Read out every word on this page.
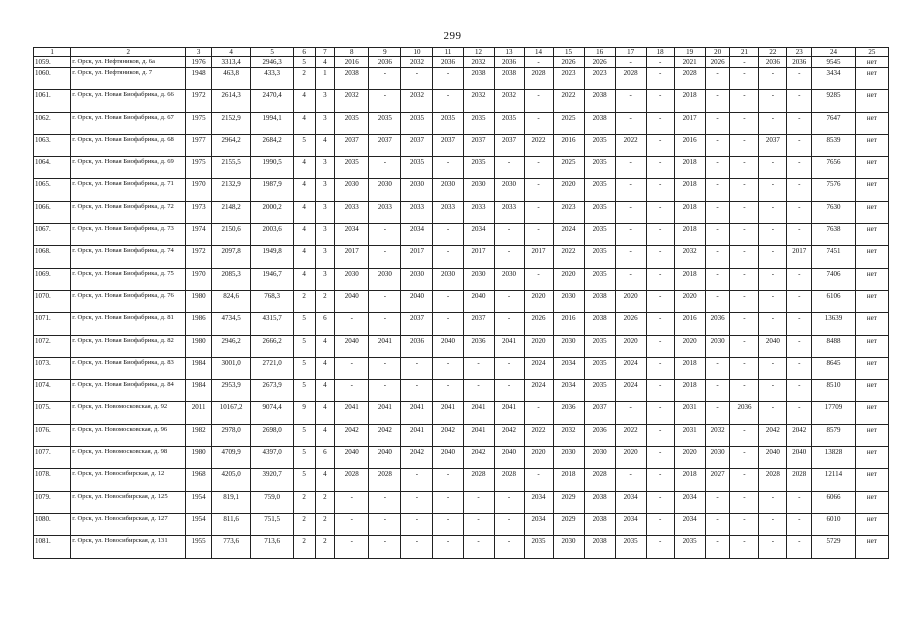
299
1	2	3	4	5	6	7	8	9	10	11	12	13	14	15	16	17	18	19	20	21	22	23	24	25
1059.	г. Орск, ул. Нефтяников, д. 6а	1976	3313,4	2946,3	5	4	2016	2036	2032	2036	2032	2036	-	2026	2026	-	-	2021	2026	-	2036	2036	9545	нет
1060.	г. Орск, ул. Нефтяников, д. 7	1948	463,8	433,3	2	1	2038	-	-	-	2038	2038	2028	2023	2023	2028	-	2028	-	-	-	-	3434	нет
1061.	г. Орск, ул. Новая Биофабрика, д. 66	1972	2614,3	2470,4	4	3	2032	-	2032	-	2032	2032	-	2022	2038	-	-	2018	-	-	-	-	9285	нет
1062.	г. Орск, ул. Новая Биофабрика, д. 67	1975	2152,9	1994,1	4	3	2035	2035	2035	2035	2035	2035	-	2025	2038	-	-	2017	-	-	-	-	7647	нет
1063.	г. Орск, ул. Новая Биофабрика, д. 68	1977	2964,2	2684,2	5	4	2037	2037	2037	2037	2037	2037	2022	2016	2035	2022	-	2016	-	-	2037	-	8539	нет
1064.	г. Орск, ул. Новая Биофабрика, д. 69	1975	2155,5	1990,5	4	3	2035	-	2035	-	2035	-	-	2025	2035	-	-	2018	-	-	-	-	7656	нет
1065.	г. Орск, ул. Новая Биофабрика, д. 71	1970	2132,9	1987,9	4	3	2030	2030	2030	2030	2030	2030	-	2020	2035	-	-	2018	-	-	-	-	7576	нет
1066.	г. Орск, ул. Новая Биофабрика, д. 72	1973	2148,2	2000,2	4	3	2033	2033	2033	2033	2033	2033	-	2023	2035	-	-	2018	-	-	-	-	7630	нет
1067.	г. Орск, ул. Новая Биофабрика, д. 73	1974	2150,6	2003,6	4	3	2034	-	2034	-	2034	-	-	2024	2035	-	-	2018	-	-	-	-	7638	нет
1068.	г. Орск, ул. Новая Биофабрика, д. 74	1972	2097,8	1949,8	4	3	2017	-	2017	-	2017	-	2017	2022	2035	-	-	2032	-	-	-	2017	7451	нет
1069.	г. Орск, ул. Новая Биофабрика, д. 75	1970	2085,3	1946,7	4	3	2030	2030	2030	2030	2030	2030	-	2020	2035	-	-	2018	-	-	-	-	7406	нет
1070.	г. Орск, ул. Новая Биофабрика, д. 76	1980	824,6	768,3	2	2	2040	-	2040	-	2040	-	2020	2030	2038	2020	-	2020	-	-	-	-	6106	нет
1071.	г. Орск, ул. Новая Биофабрика, д. 81	1986	4734,5	4315,7	5	6	-	-	2037	-	2037	-	2026	2016	2038	2026	-	2016	2036	-	-	-	13639	нет
1072.	г. Орск, ул. Новая Биофабрика, д. 82	1980	2946,2	2666,2	5	4	2040	2041	2036	2040	2036	2041	2020	2030	2035	2020	-	2020	2030	-	2040	-	8488	нет
1073.	г. Орск, ул. Новая Биофабрика, д. 83	1984	3001,0	2721,0	5	4	-	-	-	-	-	-	2024	2034	2035	2024	-	2018	-	-	-	-	8645	нет
1074.	г. Орск, ул. Новая Биофабрика, д. 84	1984	2953,9	2673,9	5	4	-	-	-	-	-	-	2024	2034	2035	2024	-	2018	-	-	-	-	8510	нет
1075.	г. Орск, ул. Новомосковская, д. 92	2011	10167,2	9074,4	9	4	2041	2041	2041	2041	2041	2041	-	2036	2037	-	-	2031	-	2036	-	-	17709	нет
1076.	г. Орск, ул. Новомосковская, д. 96	1982	2978,0	2698,0	5	4	2042	2042	2041	2042	2041	2042	2022	2032	2036	2022	-	2031	2032	-	2042	2042	8579	нет
1077.	г. Орск, ул. Новомосковская, д. 98	1980	4709,9	4397,0	5	6	2040	2040	2042	2040	2042	2040	2020	2030	2030	2020	-	2020	2030	-	2040	2040	13828	нет
1078.	г. Орск, ул. Новосибирская, д. 12	1968	4205,0	3920,7	5	4	2028	2028	-	-	2028	2028	-	2018	2028	-	-	2018	2027	-	2028	2028	12114	нет
1079.	г. Орск, ул. Новосибирская, д. 125	1954	819,1	759,0	2	2	-	-	-	-	-	-	2034	2029	2038	2034	-	2034	-	-	-	-	6066	нет
1080.	г. Орск, ул. Новосибирская, д. 127	1954	811,6	751,5	2	2	-	-	-	-	-	-	2034	2029	2038	2034	-	2034	-	-	-	-	6010	нет
1081.	г. Орск, ул. Новосибирская, д. 131	1955	773,6	713,6	2	2	-	-	-	-	-	-	2035	2030	2038	2035	-	2035	-	-	-	-	5729	нет
